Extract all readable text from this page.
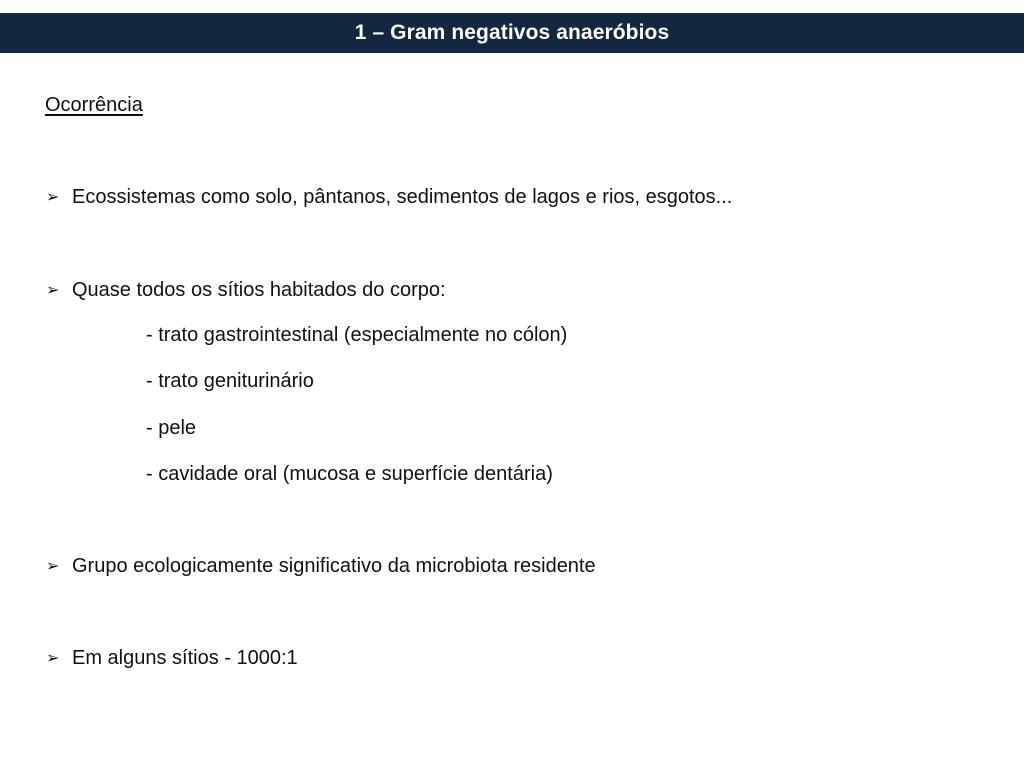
1 – Gram negativos anaeróbios
Ocorrência
➢ Ecossistemas como solo, pântanos, sedimentos de lagos e rios, esgotos...
➢ Quase todos os sítios habitados do corpo:
- trato gastrointestinal (especialmente no cólon)
- trato geniturinário
- pele
- cavidade oral (mucosa e superfície dentária)
➢ Grupo ecologicamente significativo da microbiota residente
➢ Em alguns sítios - 1000:1
